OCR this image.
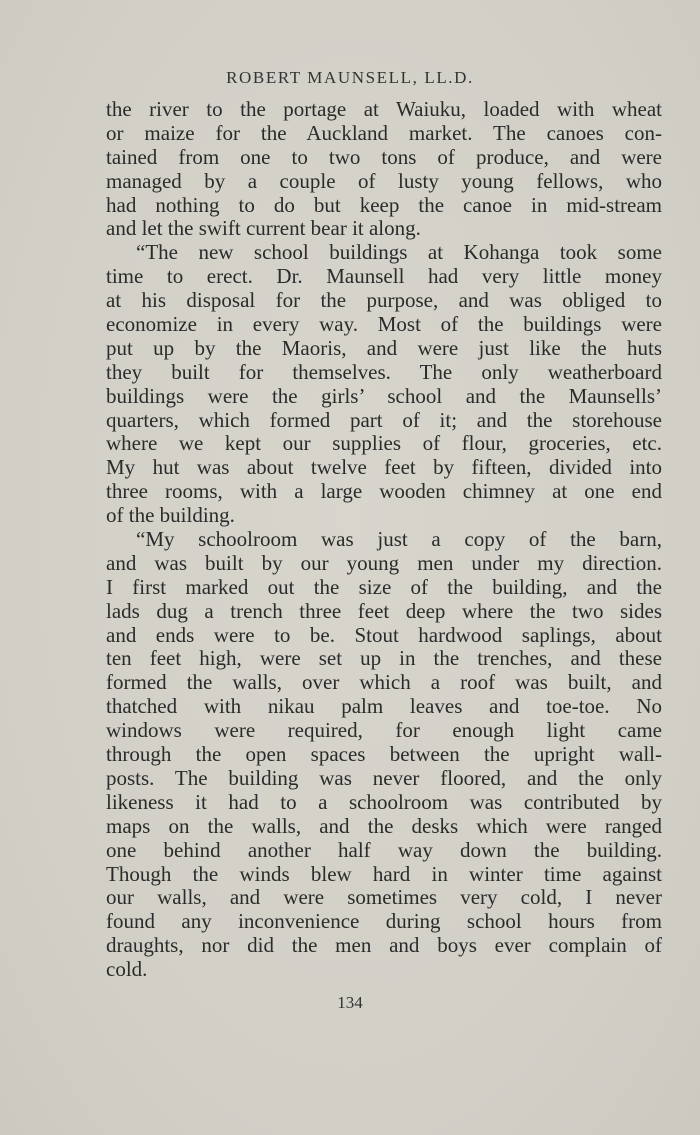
ROBERT MAUNSELL, LL.D.
the river to the portage at Waiuku, loaded with wheat
or maize for the Auckland market. The canoes con-
tained from one to two tons of produce, and were
managed by a couple of lusty young fellows, who
had nothing to do but keep the canoe in mid-stream
and let the swift current bear it along.
“The new school buildings at Kohanga took some
time to erect. Dr. Maunsell had very little money
at his disposal for the purpose, and was obliged to
economize in every way. Most of the buildings were
put up by the Maoris, and were just like the huts
they built for themselves. The only weatherboard
buildings were the girls’ school and the Maunsells’
quarters, which formed part of it; and the storehouse
where we kept our supplies of flour, groceries, etc.
My hut was about twelve feet by fifteen, divided into
three rooms, with a large wooden chimney at one end
of the building.
“My schoolroom was just a copy of the barn,
and was built by our young men under my direction.
I first marked out the size of the building, and the
lads dug a trench three feet deep where the two sides
and ends were to be. Stout hardwood saplings, about
ten feet high, were set up in the trenches, and these
formed the walls, over which a roof was built, and
thatched with nikau palm leaves and toe-toe. No
windows were required, for enough light came
through the open spaces between the upright wall-
posts. The building was never floored, and the only
likeness it had to a schoolroom was contributed by
maps on the walls, and the desks which were ranged
one behind another half way down the building.
Though the winds blew hard in winter time against
our walls, and were sometimes very cold, I never
found any inconvenience during school hours from
draughts, nor did the men and boys ever complain of
cold.
134
